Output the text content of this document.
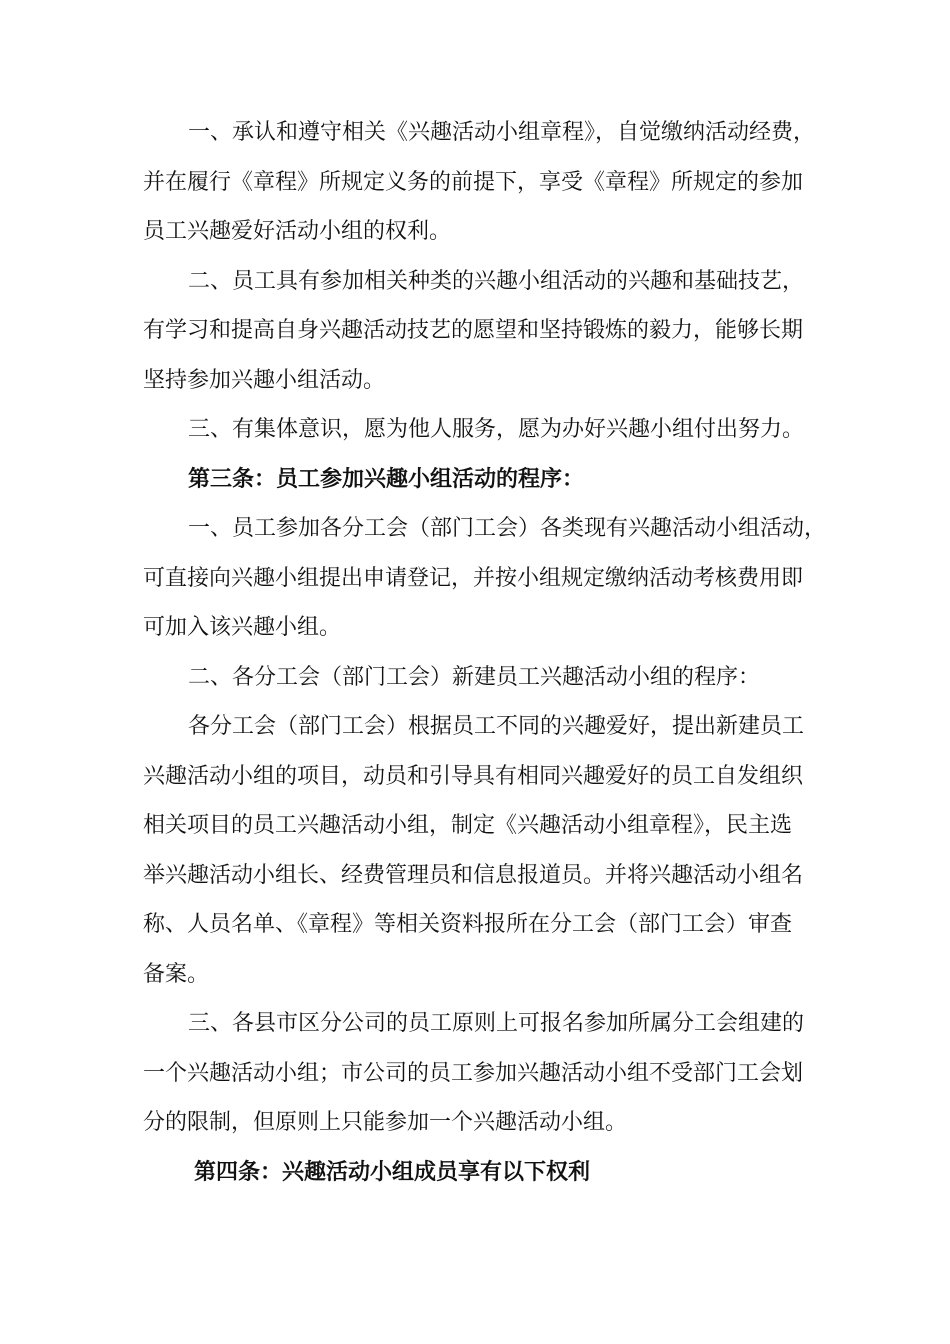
一、承认和遵守相关《兴趣活动小组章程》，自觉缴纳活动经费，
并在履行《章程》所规定义务的前提下，享受《章程》所规定的参加
员工兴趣爱好活动小组的权利。

二、员工具有参加相关种类的兴趣小组活动的兴趣和基础技艺，
有学习和提高自身兴趣活动技艺的愿望和坚持锻炼的毅力，能够长期
坚持参加兴趣小组活动。

三、有集体意识，愿为他人服务，愿为办好兴趣小组付出努力。

第三条：员工参加兴趣小组活动的程序：

一、员工参加各分工会（部门工会）各类现有兴趣活动小组活动，
可直接向兴趣小组提出申请登记，并按小组规定缴纳活动考核费用即
可加入该兴趣小组。

二、各分工会（部门工会）新建员工兴趣活动小组的程序：

各分工会（部门工会）根据员工不同的兴趣爱好，提出新建员工
兴趣活动小组的项目，动员和引导具有相同兴趣爱好的员工自发组织
相关项目的员工兴趣活动小组，制定《兴趣活动小组章程》，民主选
举兴趣活动小组长、经费管理员和信息报道员。并将兴趣活动小组名
称、人员名单、《章程》等相关资料报所在分工会（部门工会）审查
备案。

三、各县市区分公司的员工原则上可报名参加所属分工会组建的
一个兴趣活动小组；市公司的员工参加兴趣活动小组不受部门工会划
分的限制，但原则上只能参加一个兴趣活动小组。

第四条：兴趣活动小组成员享有以下权利
